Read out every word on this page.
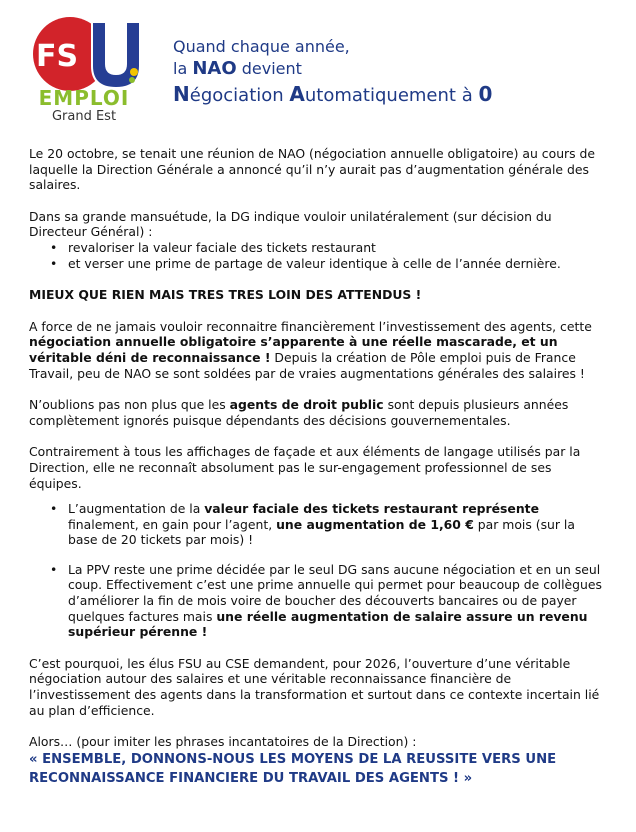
FS
EMPLOI
Grand Est
Quand chaque année,
la NAO devient
Négociation Automatiquement à 0

Le 20 octobre, se tenait une réunion de NAO (négociation annuelle obligatoire) au cours de laquelle la Direction Générale a annoncé qu’il n’y aurait pas d’augmentation générale des salaires.

Dans sa grande mansuétude, la DG indique vouloir unilatéralement (sur décision du Directeur Général) :

• revaloriser la valeur faciale des tickets restaurant
• et verser une prime de partage de valeur identique à celle de l’année dernière.

MIEUX QUE RIEN MAIS TRES TRES LOIN DES ATTENDUS !

A force de ne jamais vouloir reconnaitre financièrement l’investissement des agents, cette négociation annuelle obligatoire s’apparente à une réelle mascarade, et un véritable déni de reconnaissance ! Depuis la création de Pôle emploi puis de France Travail, peu de NAO se sont soldées par de vraies augmentations générales des salaires !

N’oublions pas non plus que les agents de droit public sont depuis plusieurs années complètement ignorés puisque dépendants des décisions gouvernementales.

Contrairement à tous les affichages de façade et aux éléments de langage utilisés par la Direction, elle ne reconnaît absolument pas le sur-engagement professionnel de ses équipes.

• L’augmentation de la valeur faciale des tickets restaurant représente finalement, en gain pour l’agent, une augmentation de 1,60 € par mois (sur la base de 20 tickets par mois) !
• La PPV reste une prime décidée par le seul DG sans aucune négociation et en un seul coup. Effectivement c’est une prime annuelle qui permet pour beaucoup de collègues d’améliorer la fin de mois voire de boucher des découverts bancaires ou de payer quelques factures mais une réelle augmentation de salaire assure un revenu supérieur pérenne !

C’est pourquoi, les élus FSU au CSE demandent, pour 2026, l’ouverture d’une véritable négociation autour des salaires et une véritable reconnaissance financière de l’investissement des agents dans la transformation et surtout dans ce contexte incertain lié au plan d’efficience.

Alors… (pour imiter les phrases incantatoires de la Direction) :

« ENSEMBLE, DONNONS-NOUS LES MOYENS DE LA REUSSITE VERS UNE
RECONNAISSANCE FINANCIERE DU TRAVAIL DES AGENTS ! »
